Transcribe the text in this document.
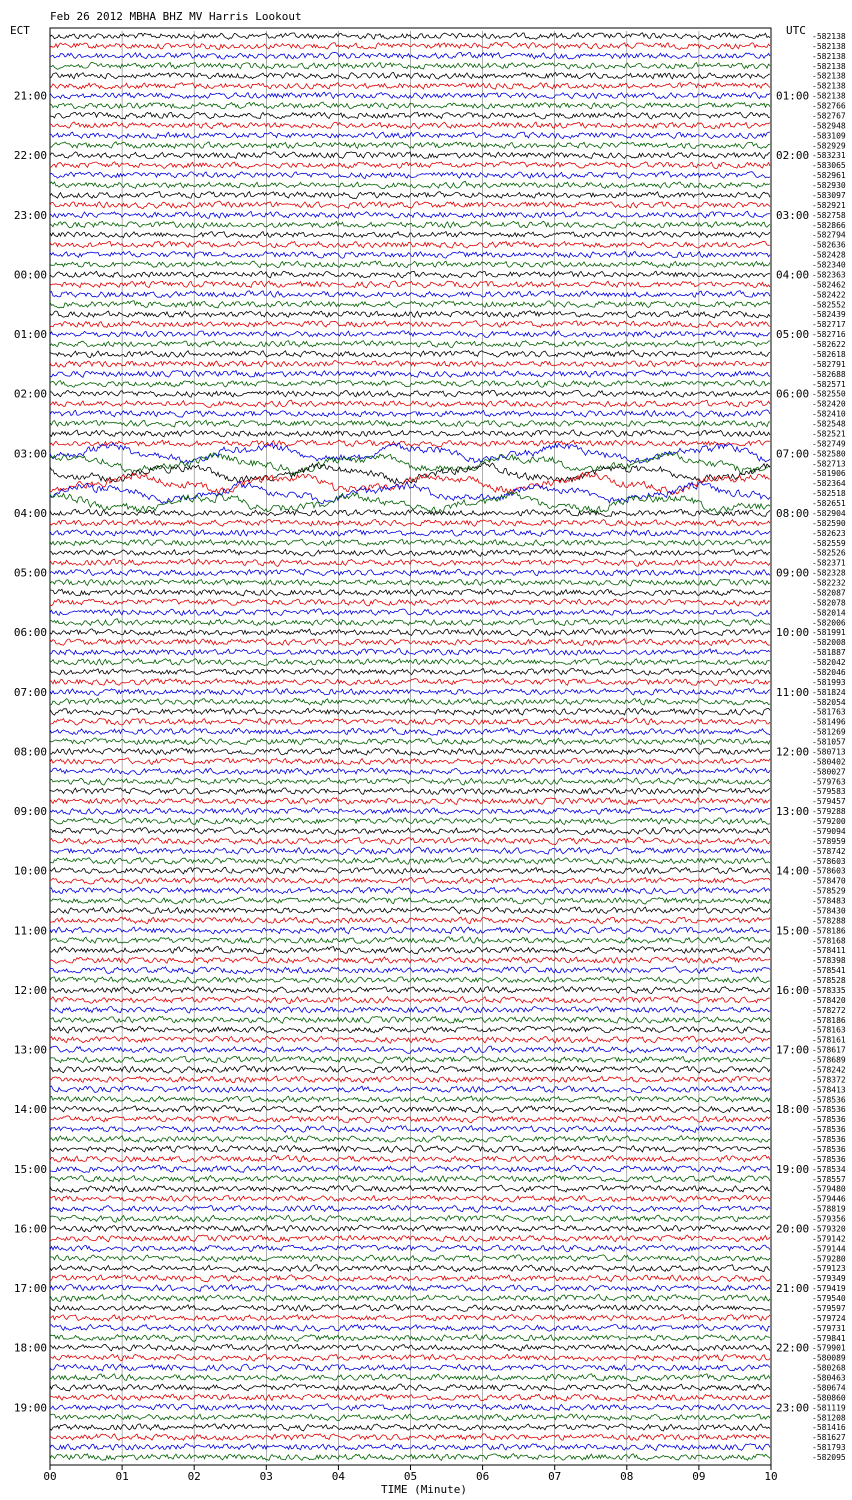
Feb 26 2012 MBHA BHZ MV Harris Lookout
ECT	UTC
21:00
22:00
23:00
00:00
01:00
02:00
03:00
04:00
05:00
06:00
07:00
08:00
09:00
10:00
11:00
12:00
13:00
14:00
15:00
16:00
17:00
18:00
19:00
01:00
02:00
03:00
04:00
05:00
06:00
07:00
08:00
09:00
10:00
11:00
12:00
13:00
14:00
15:00
16:00
17:00
18:00
19:00
20:00
21:00
22:00
23:00
-582138
-582138
-582138
-582138
-582138
-582138
-582138
-582766
-582767
-582948
-583109
-582929
-583231
-583065
-582961
-582930
-583097
-582921
-582758
-582866
-582794
-582636
-582428
-582340
-582363
-582462
-582422
-582552
-582439
-582717
-582716
-582622
-582618
-582791
-582688
-582571
-582550
-582420
-582410
-582548
-582521
-582749
-582580
-582713
-581906
-582364
-582518
-582651
-582904
-582590
-582623
-582559
-582526
-582371
-582328
-582232
-582087
-582078
-582014
-582006
-581991
-582008
-581887
-582042
-582046
-581993
-581824
-582054
-581763
-581496
-581269
-581057
-580713
-580402
-580027
-579763
-579583
-579457
-579288
-579200
-579094
-578959
-578742
-578603
-578603
-578470
-578529
-578483
-578430
-578288
-578186
-578168
-578411
-578398
-578541
-578528
-578335
-578420
-578272
-578186
-578163
-578161
-578617
-578689
-578242
-578372
-578413
-578536
-578536
-578536
-578536
-578536
-578536
-578536
-578534
-578557
-579480
-579446
-578819
-579356
-579320
-579142
-579144
-579280
-579123
-579349
-579419
-579540
-579597
-579724
-579731
-579841
-579901
-580089
-580268
-580463
-580674
-580860
-581119
-581208
-581416
-581627
-581793
-582095
00	01	02	03	04	05	06	07	08	09	10
TIME (Minute)
